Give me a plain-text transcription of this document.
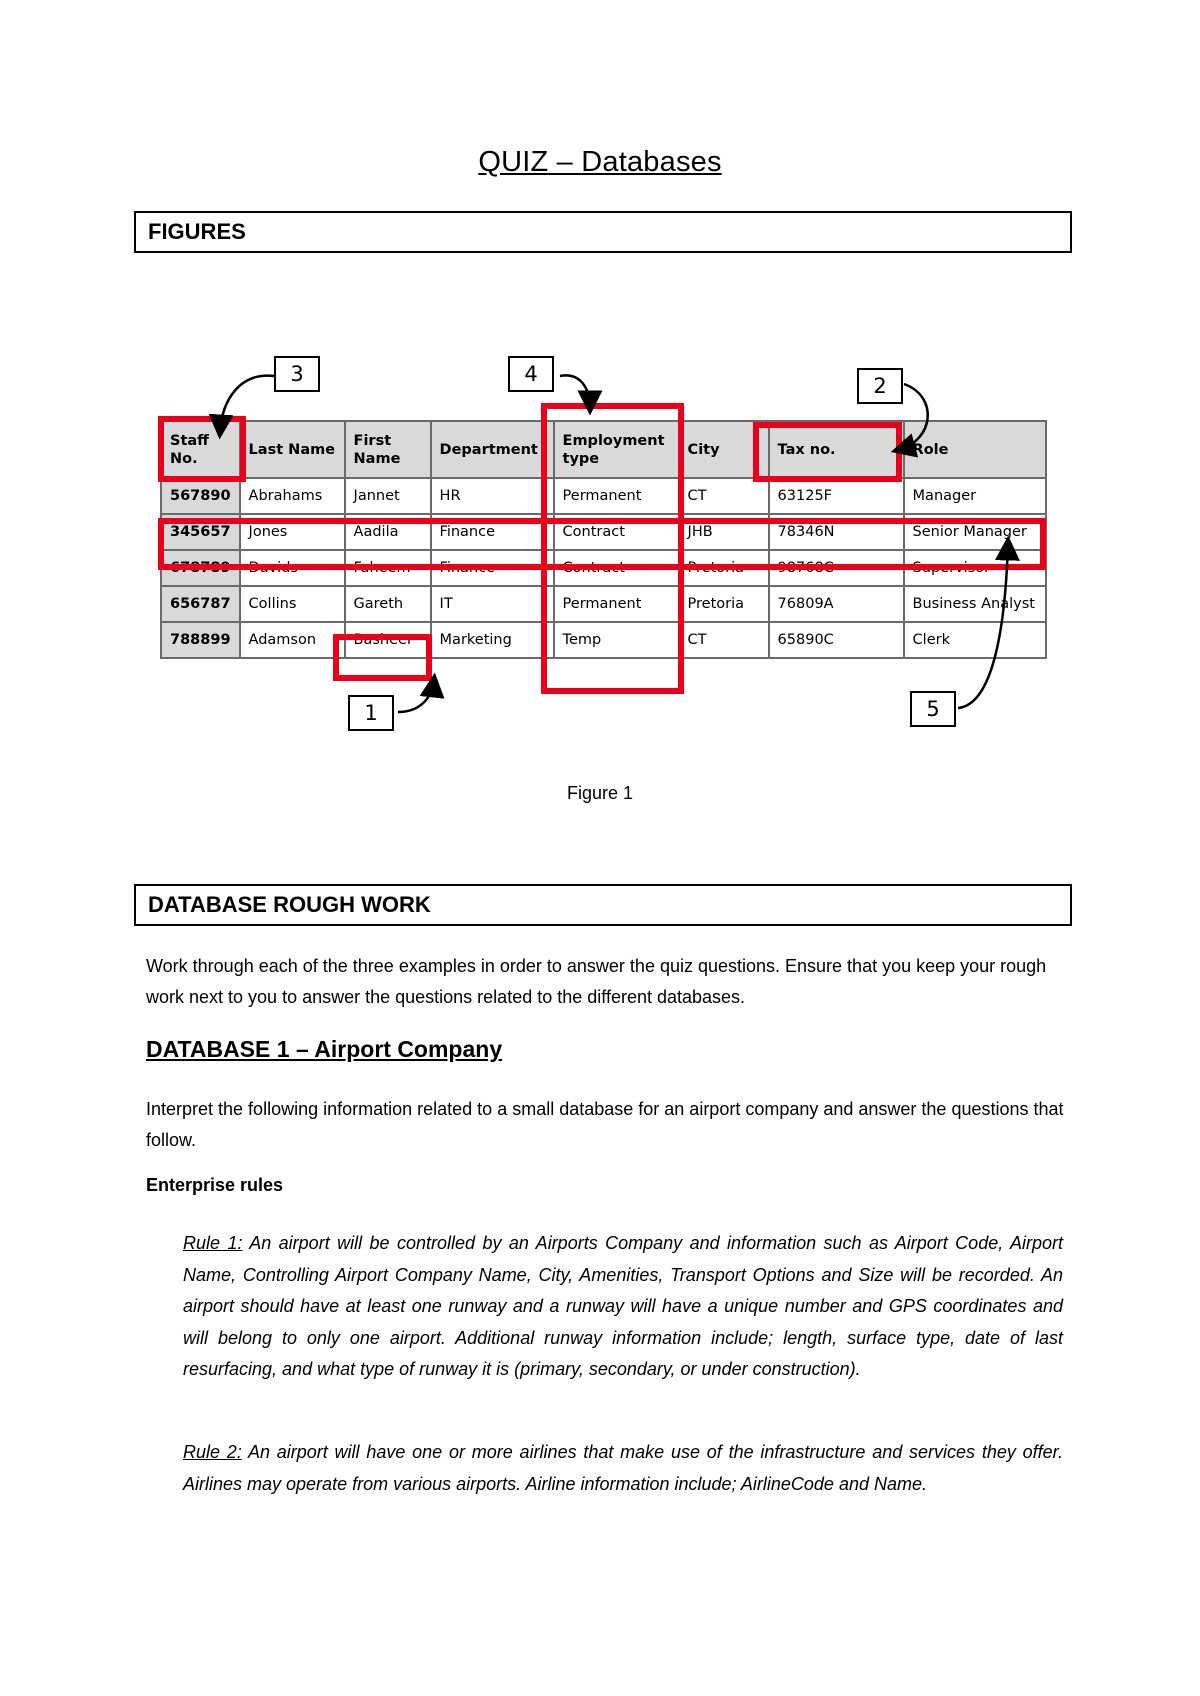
QUIZ – Databases
FIGURES
Staff No.	Last Name	First Name	Department	Employment type	City	Tax no.	Role
567890	Abrahams	Jannet	HR	Permanent	CT	63125F	Manager
345657	Jones	Aadila	Finance	Contract	JHB	78346N	Senior Manager
678789	Davids	Faheem	Finance	Contract	Pretoria	98768C	Supervisor
656787	Collins	Gareth	IT	Permanent	Pretoria	76809A	Business Analyst
788899	Adamson	Basheer	Marketing	Temp	CT	65890C	Clerk
1
2
3	4
5
Figure 1
DATABASE ROUGH WORK
Work through each of the three examples in order to answer the quiz questions. Ensure that you keep your rough work next to you to answer the questions related to the different databases.
DATABASE 1 – Airport Company
Interpret the following information related to a small database for an airport company and answer the questions that follow.
Enterprise rules
Rule 1: An airport will be controlled by an Airports Company and information such as Airport Code, Airport Name, Controlling Airport Company Name, City, Amenities, Transport Options and Size will be recorded. An airport should have at least one runway and a runway will have a unique number and GPS coordinates and will belong to only one airport. Additional runway information include; length, surface type, date of last resurfacing, and what type of runway it is (primary, secondary, or under construction).
Rule 2: An airport will have one or more airlines that make use of the infrastructure and services they offer. Airlines may operate from various airports. Airline information include; AirlineCode and Name.
